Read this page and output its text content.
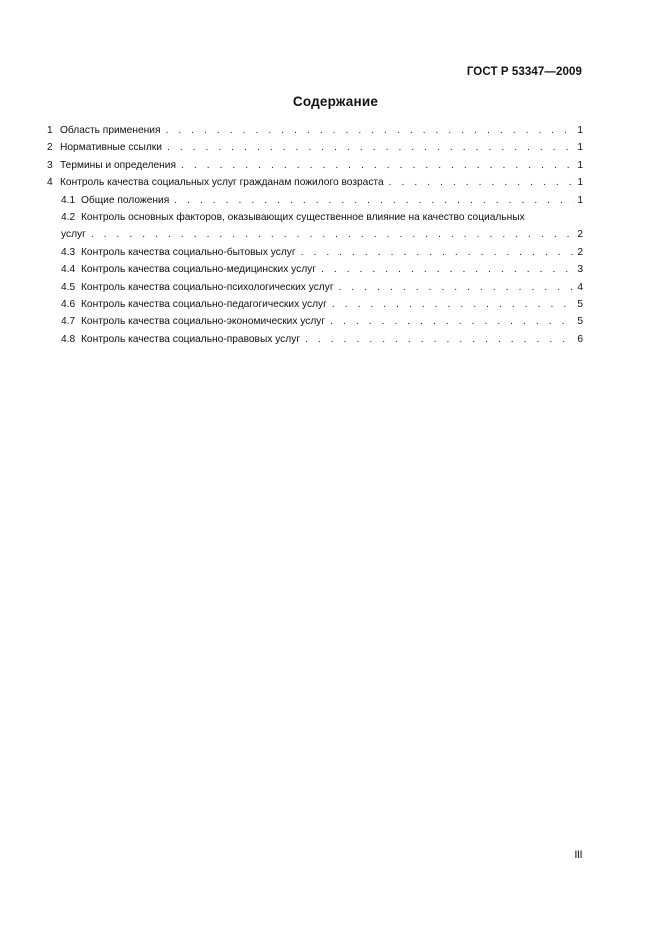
ГОСТ Р 53347—2009
Содержание
1 Область применения . . .	1
2 Нормативные ссылки . . .	1
3 Термины и определения . . .	1
4 Контроль качества социальных услуг гражданам пожилого возраста . . .	1
4.1 Общие положения . . .	1
4.2 Контроль основных факторов, оказывающих существенное влияние на качество социальных
услуг . . .	2
4.3 Контроль качества социально-бытовых услуг . . .	2
4.4 Контроль качества социально-медицинских услуг . . .	3
4.5 Контроль качества социально-психологических услуг . . .	4
4.6 Контроль качества социально-педагогических услуг . . .	5
4.7 Контроль качества социально-экономических услуг . . .	5
4.8 Контроль качества социально-правовых услуг . . .	6
III
